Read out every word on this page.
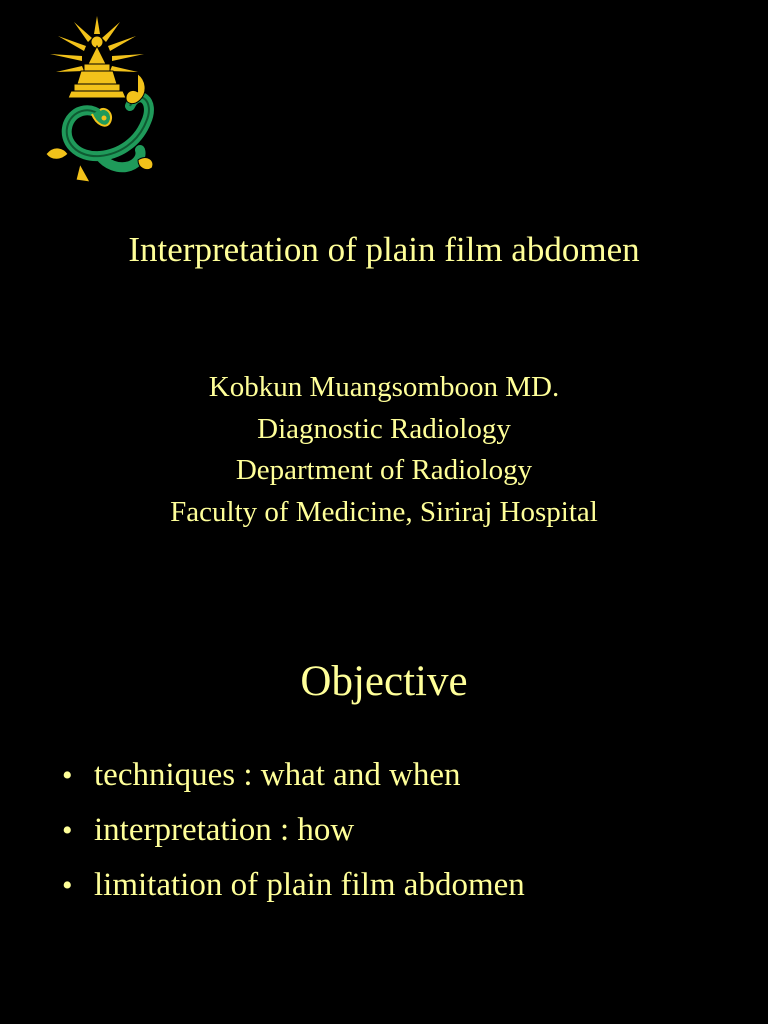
Interpretation of plain film abdomen
Kobkun Muangsomboon MD.
Diagnostic Radiology
Department of Radiology
Faculty of Medicine, Siriraj Hospital
Objective
• techniques : what and when
• interpretation : how
• limitation of plain film abdomen
